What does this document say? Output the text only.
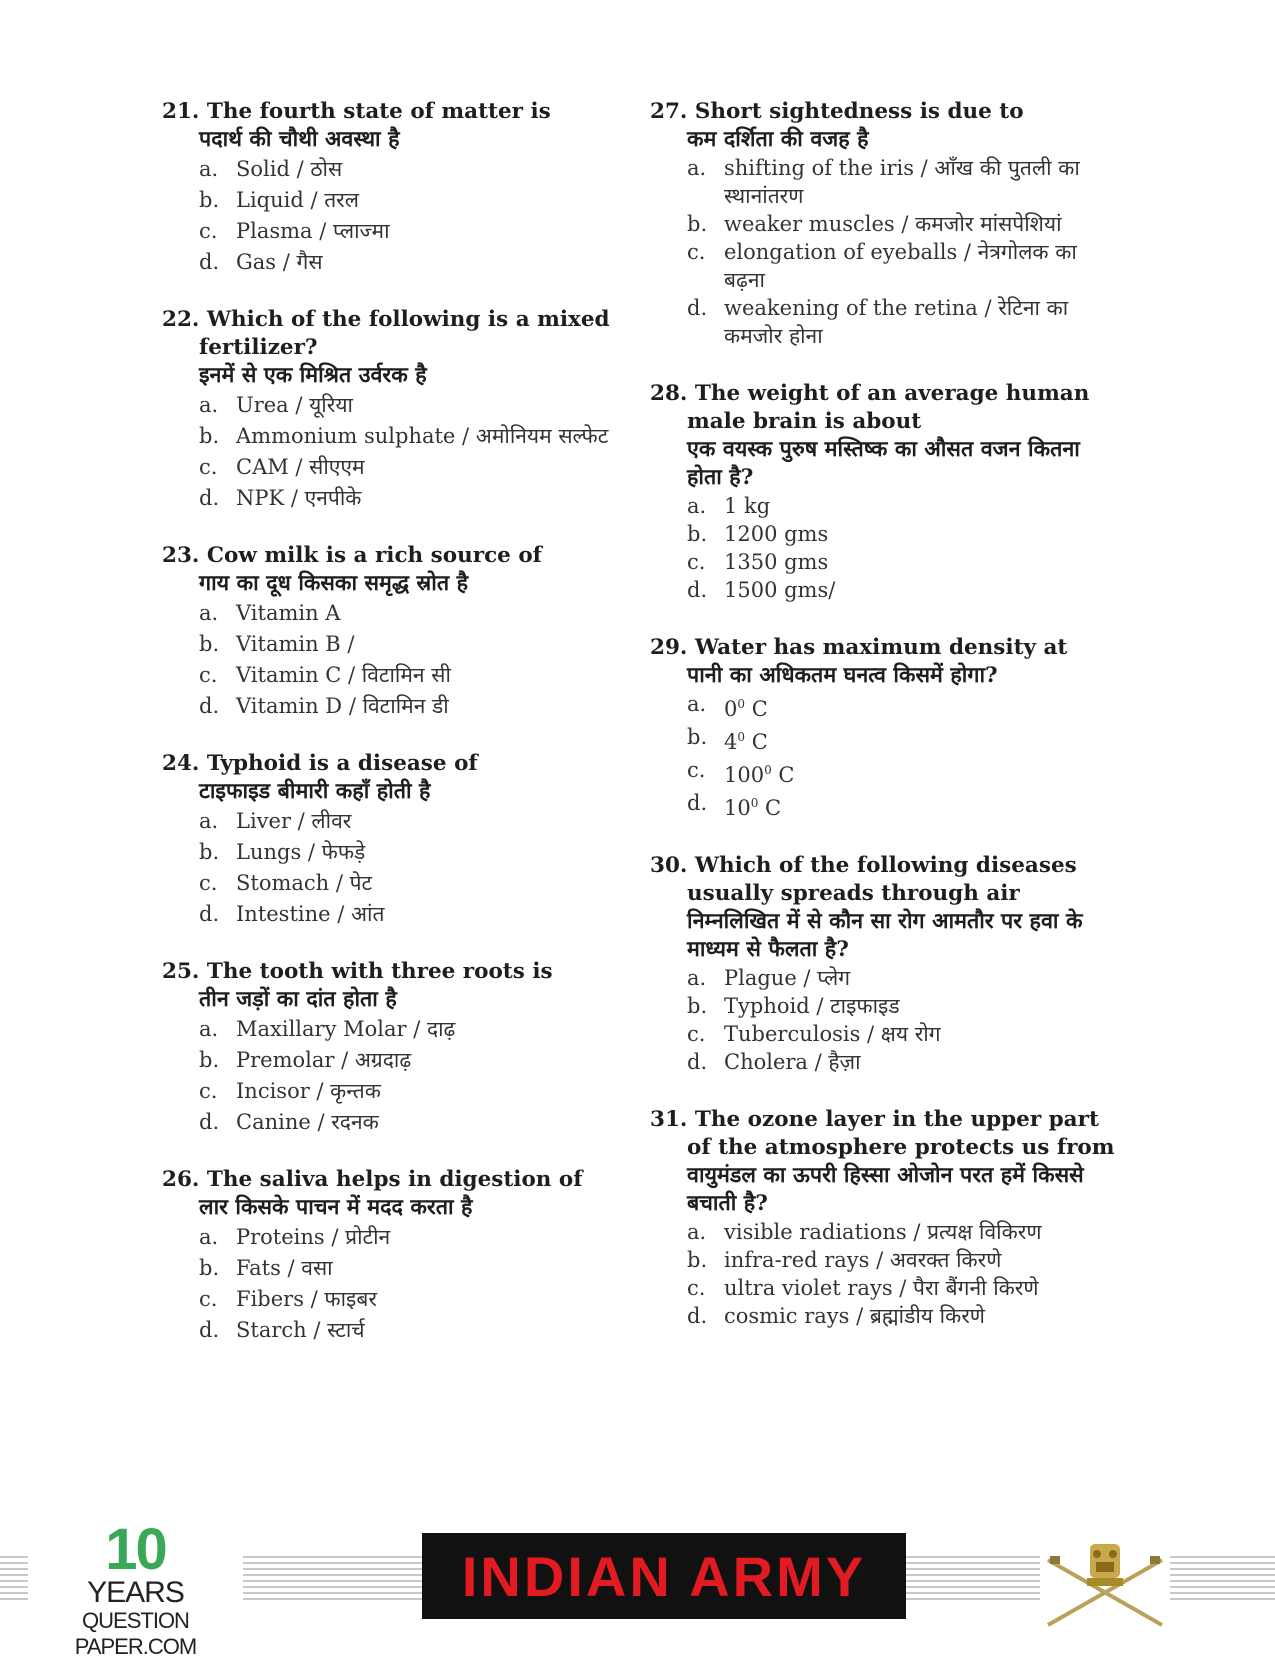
21. The fourth state of matter is
पदार्थ की चौथी अवस्था है
a. Solid / ठोस
b. Liquid / तरल
c. Plasma / प्लाज्मा
d. Gas / गैस
22. Which of the following is a mixed fertilizer?
इनमें से एक मिश्रित उर्वरक है
a. Urea / यूरिया
b. Ammonium sulphate / अमोनियम सल्फेट
c. CAM / सीएएम
d. NPK / एनपीके
23. Cow milk is a rich source of
गाय का दूध किसका समृद्ध स्रोत है
a. Vitamin A
b. Vitamin B /
c. Vitamin C / विटामिन सी
d. Vitamin D / विटामिन डी
24. Typhoid is a disease of
टाइफाइड बीमारी कहाँ होती है
a. Liver / लीवर
b. Lungs / फेफड़े
c. Stomach / पेट
d. Intestine / आंत
25. The tooth with three roots is
तीन जड़ों का दांत होता है
a. Maxillary Molar / दाढ़
b. Premolar / अग्रदाढ़
c. Incisor / कृन्तक
d. Canine / रदनक
26. The saliva helps in digestion of
लार किसके पाचन में मदद करता है
a. Proteins / प्रोटीन
b. Fats / वसा
c. Fibers / फाइबर
d. Starch / स्टार्च
27. Short sightedness is due to
कम दर्शिता की वजह है
a. shifting of the iris / आँख की पुतली का स्थानांतरण
b. weaker muscles / कमजोर मांसपेशियां
c. elongation of eyeballs / नेत्रगोलक का बढ़ना
d. weakening of the retina / रेटिना का कमजोर होना
28. The weight of an average human male brain is about
एक वयस्क पुरुष मस्तिष्क का औसत वजन कितना होता है?
a. 1 kg
b. 1200 gms
c. 1350 gms
d. 1500 gms/
29. Water has maximum density at
पानी का अधिकतम घनत्व किसमें होगा?
a. $0^0$ C
b. $4^0$ C
c. $100^0$ C
d. $10^0$ C
30. Which of the following diseases usually spreads through air
निम्नलिखित में से कौन सा रोग आमतौर पर हवा के माध्यम से फैलता है?
a. Plague / प्लेग
b. Typhoid / टाइफाइड
c. Tuberculosis / क्षय रोग
d. Cholera / हैज़ा
31. The ozone layer in the upper part of the atmosphere protects us from
वायुमंडल का ऊपरी हिस्सा ओजोन परत हमें किससे बचाती है?
a. visible radiations / प्रत्यक्ष विकिरण
b. infra-red rays / अवरक्त किरणे
c. ultra violet rays / पैरा बैंगनी किरणे
d. cosmic rays / ब्रह्मांडीय किरणे
10
YEARS
QUESTION PAPER.COM
INDIAN ARMY
